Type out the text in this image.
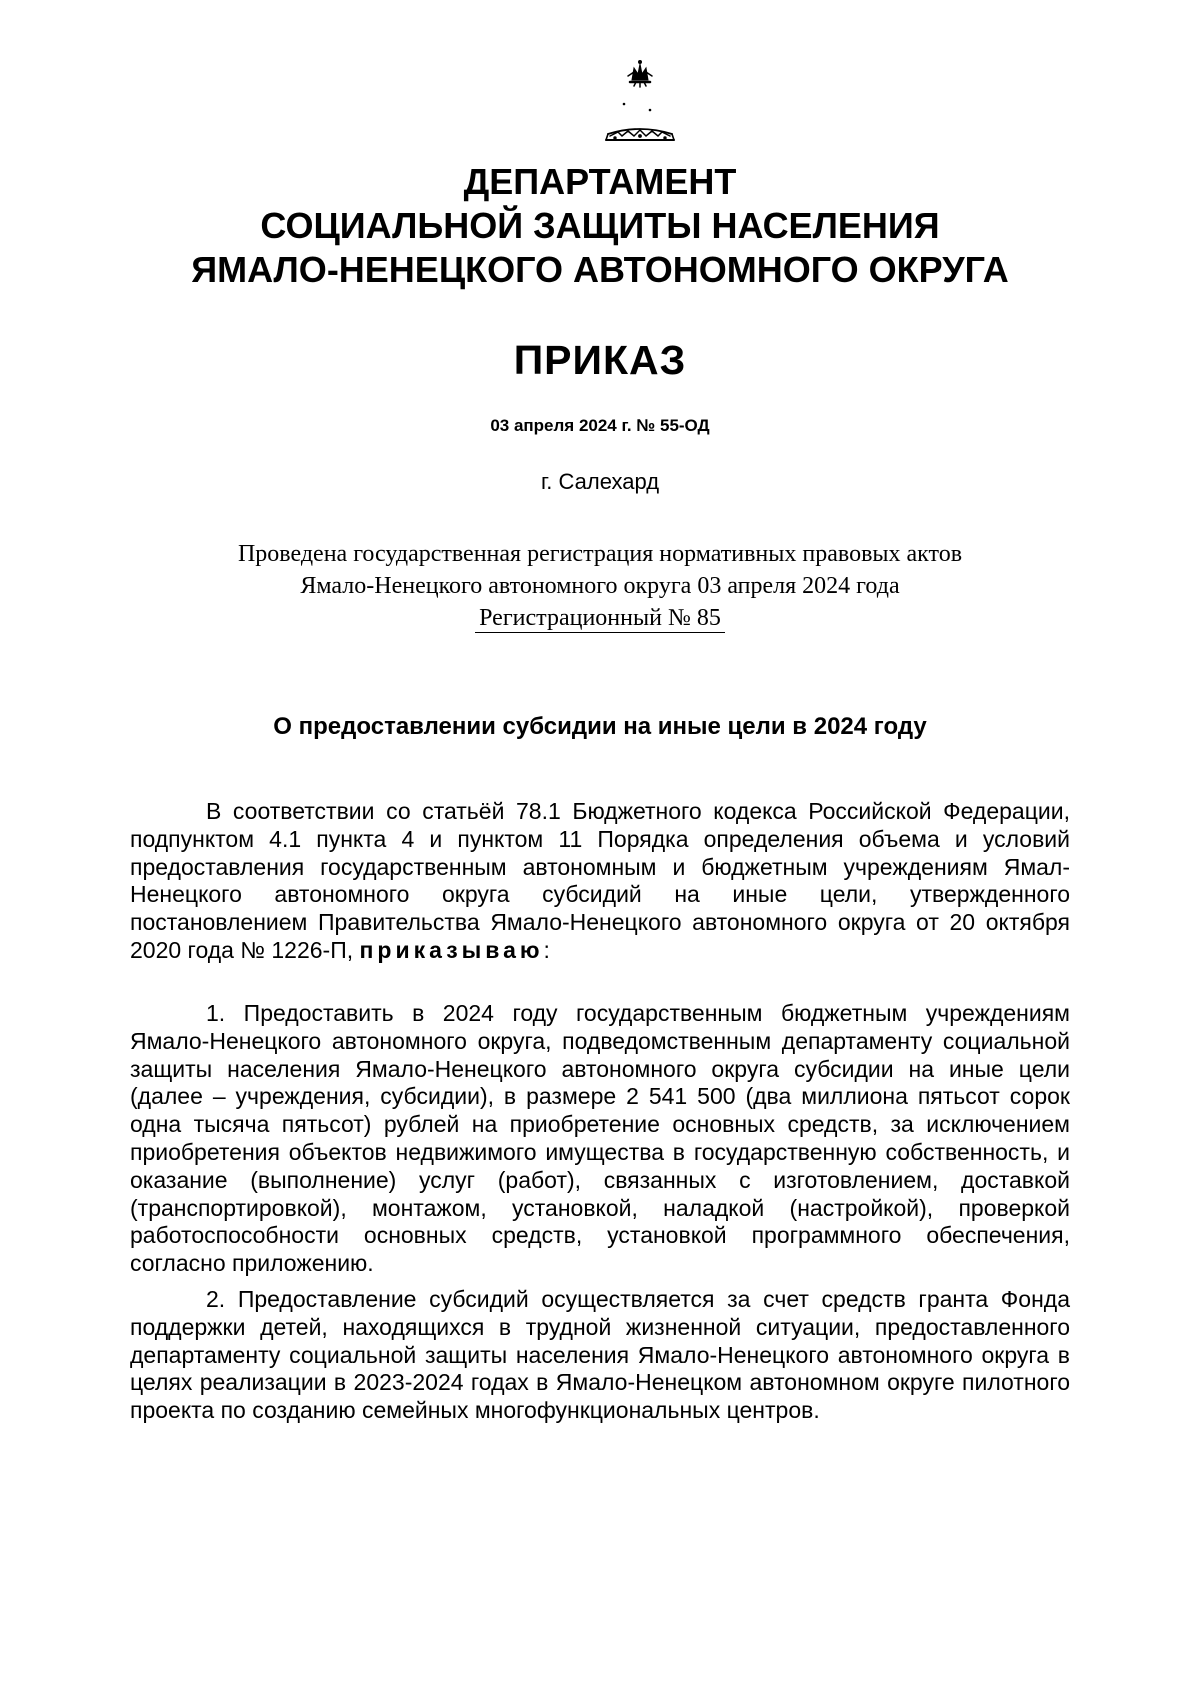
ДЕПАРТАМЕНТ
СОЦИАЛЬНОЙ ЗАЩИТЫ НАСЕЛЕНИЯ
ЯМАЛО-НЕНЕЦКОГО АВТОНОМНОГО ОКРУГА
ПРИКАЗ
03 апреля 2024 г. № 55-ОД
г. Салехард
Проведена государственная регистрация нормативных правовых актов
Ямало-Ненецкого автономного округа 03 апреля 2024 года
Регистрационный № 85
О предоставлении субсидии на иные цели в 2024 году

В соответствии со статьёй 78.1 Бюджетного кодекса Российской Федерации, подпунктом 4.1 пункта 4 и пунктом 11 Порядка определения объема и условий предоставления государственным автономным и бюджетным учреждениям Ямал-Ненецкого автономного округа субсидий на иные цели, утвержденного постановлением Правительства Ямало-Ненецкого автономного округа от 20 октября 2020 года № 1226-П, приказываю:

1. Предоставить в 2024 году государственным бюджетным учреждениям Ямало-Ненецкого автономного округа, подведомственным департаменту социальной защиты населения Ямало-Ненецкого автономного округа субсидии на иные цели (далее – учреждения, субсидии), в размере 2 541 500 (два миллиона пятьсот сорок одна тысяча пятьсот) рублей на приобретение основных средств, за исключением приобретения объектов недвижимого имущества в государственную собственность, и оказание (выполнение) услуг (работ), связанных с изготовлением, доставкой (транспортировкой), монтажом, установкой, наладкой (настройкой), проверкой работоспособности основных средств, установкой программного обеспечения, согласно приложению.

2. Предоставление субсидий осуществляется за счет средств гранта Фонда поддержки детей, находящихся в трудной жизненной ситуации, предоставленного департаменту социальной защиты населения Ямало-Ненецкого автономного округа в целях реализации в 2023-2024 годах в Ямало-Ненецком автономном округе пилотного проекта по созданию семейных многофункциональных центров.
